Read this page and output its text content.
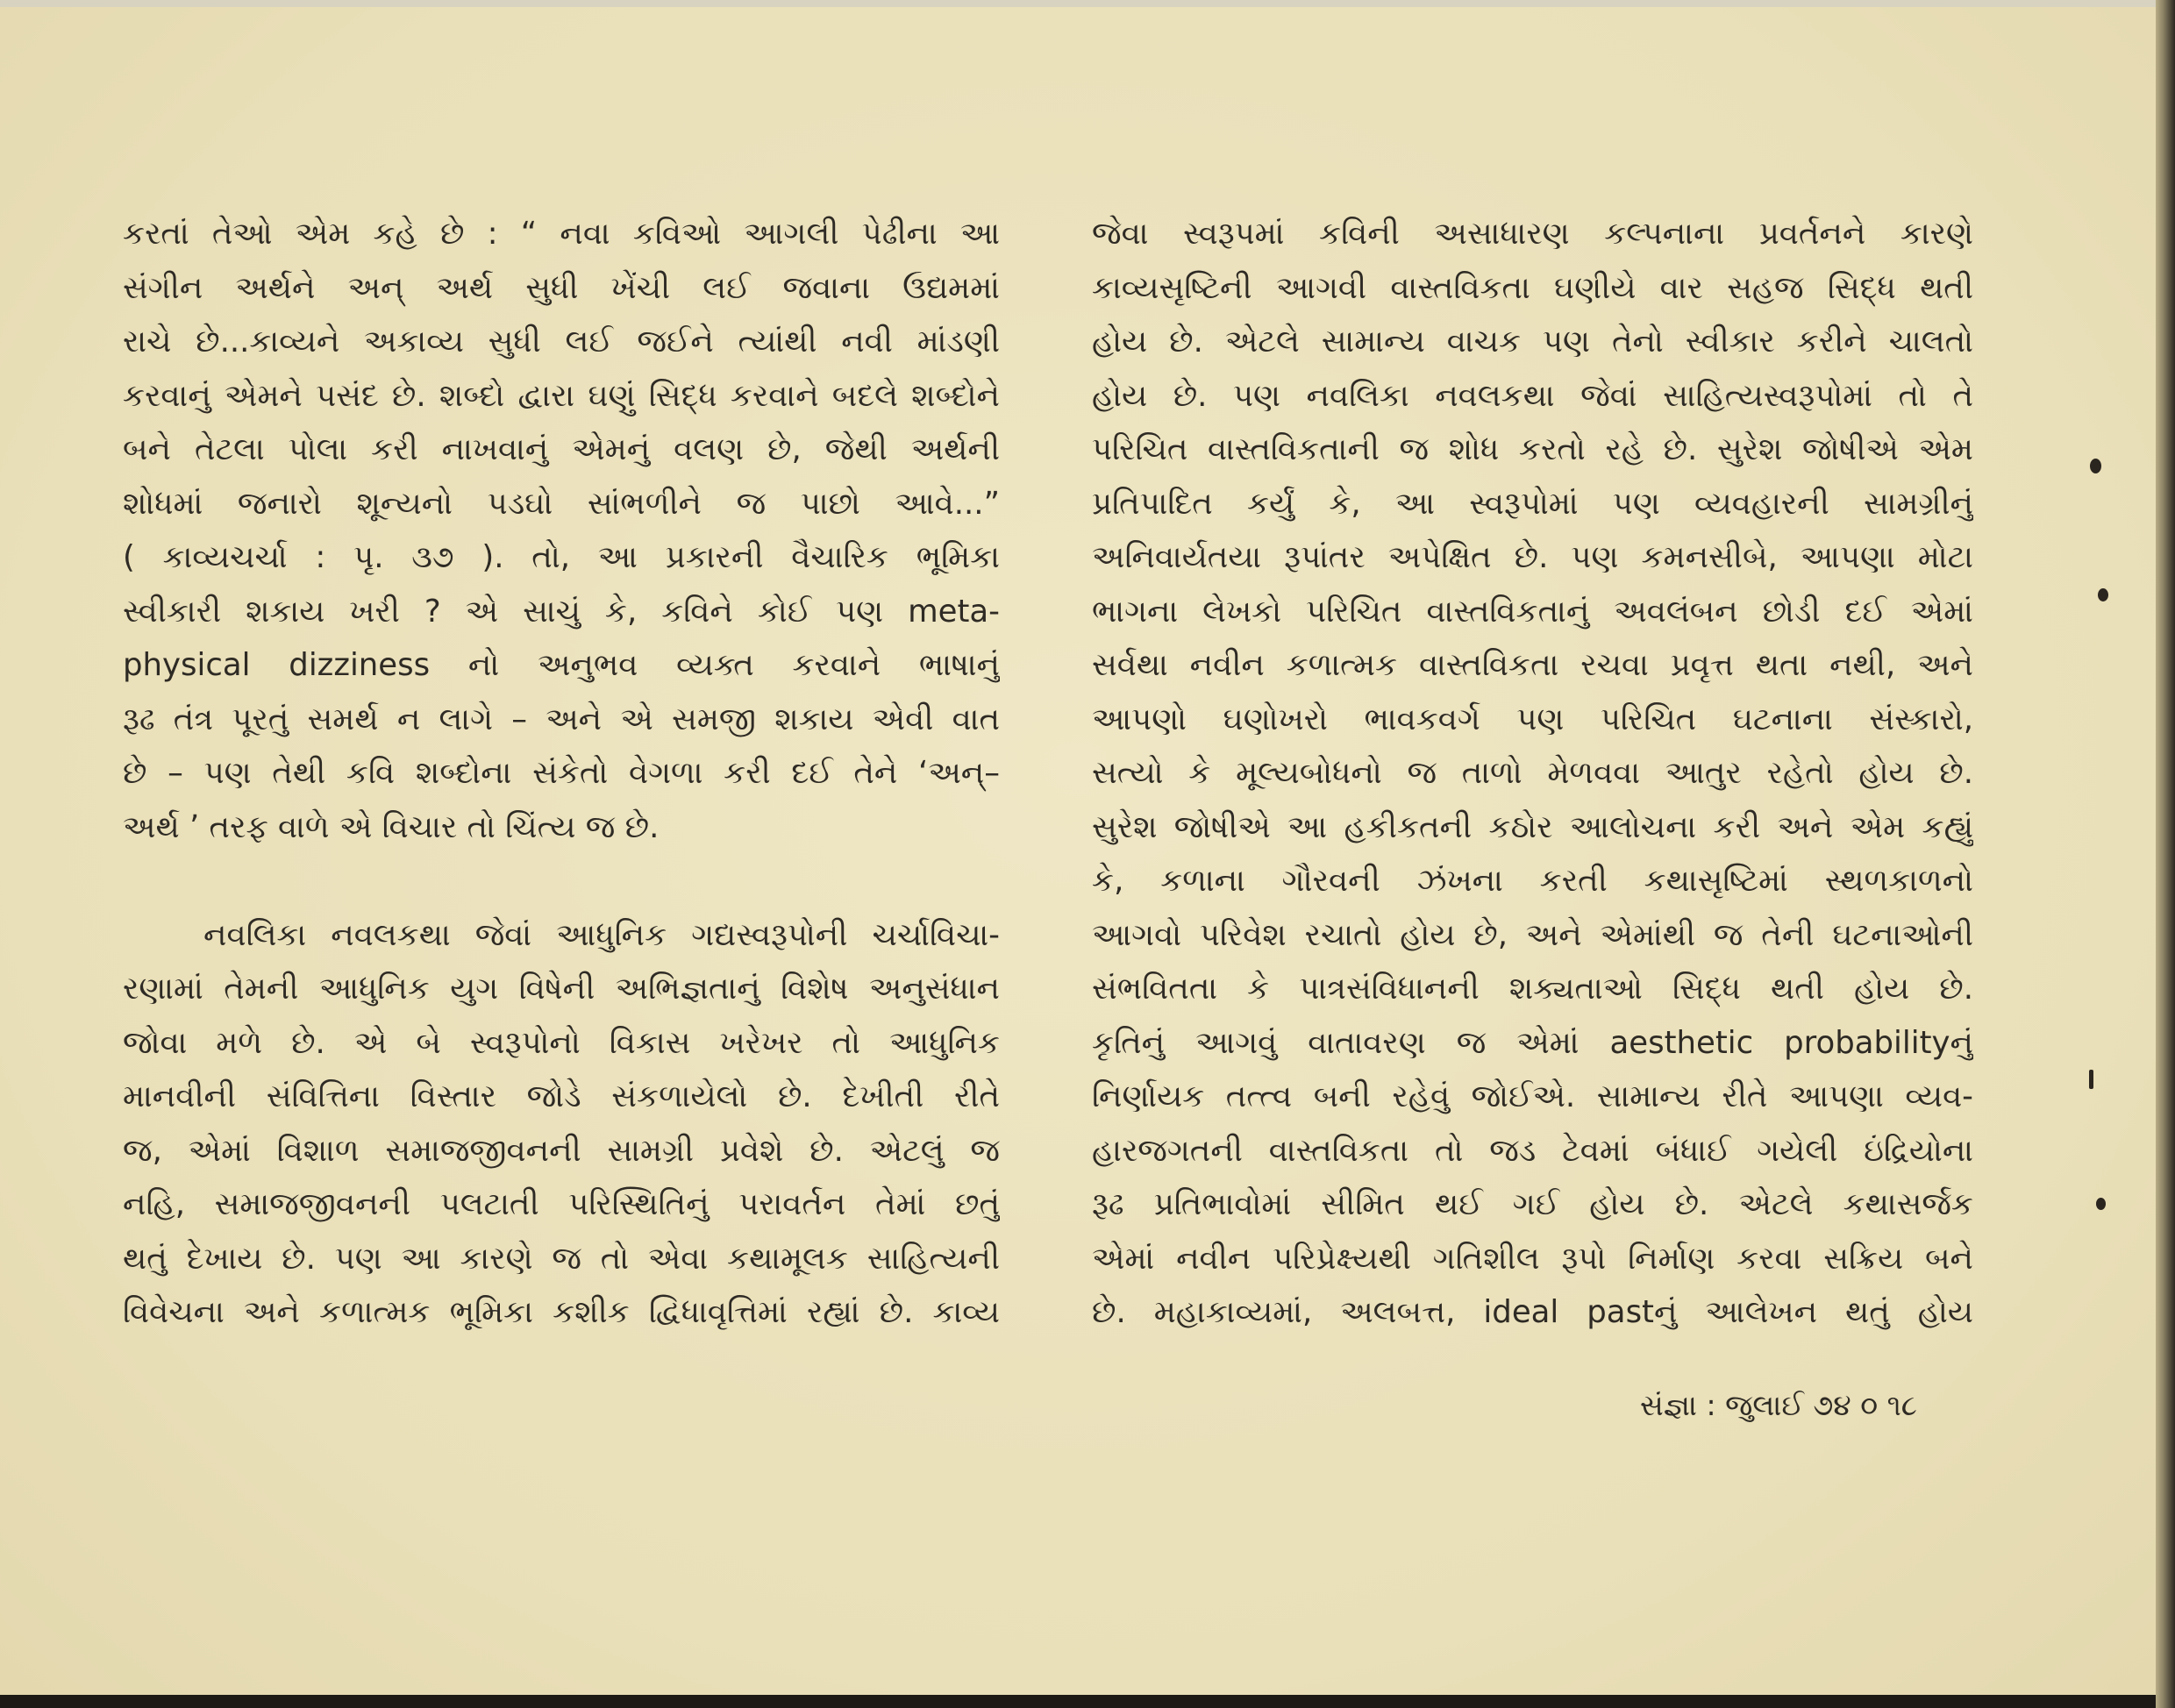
કરતાં તેઓ એમ કહે છે : “ નવા કવિઓ આગલી પેઢીના આ
સંગીન અર્થને અન્ અર્થ સુધી ખેંચી લઈ જવાના ઉદ્યમમાં
રાચે છે...કાવ્યને અકાવ્ય સુધી લઈ જઈને ત્યાંથી નવી માંડણી
કરવાનું એમને પસંદ છે. શબ્દો દ્વારા ઘણું સિદ્ધ કરવાને બદલે શબ્દોને
બને તેટલા પોલા કરી નાખવાનું એમનું વલણ છે, જેથી અર્થની
શોધમાં જનારો શૂન્યનો પડઘો સાંભળીને જ પાછો આવે...”
( કાવ્યચર્ચા : પૃ. ૩૭ ). તો, આ પ્રકારની વૈચારિક ભૂમિકા
સ્વીકારી શકાય ખરી ? એ સાચું કે, કવિને કોઈ પણ meta-
physical dizziness નો અનુભવ વ્યક્ત કરવાને ભાષાનું
રૂઢ તંત્ર પૂરતું સમર્થ ન લાગે – અને એ સમજી શકાય એવી વાત
છે – પણ તેથી કવિ શબ્દોના સંકેતો વેગળા કરી દઈ તેને ‘અન્–
અર્થ ’ તરફ વાળે એ વિચાર તો ચિંત્ય જ છે.
નવલિકા નવલકથા જેવાં આધુનિક ગદ્યસ્વરૂપોની ચર્ચાવિચા-
રણામાં તેમની આધુનિક યુગ વિષેની અભિજ્ઞતાનું વિશેષ અનુસંધાન
જોવા મળે છે. એ બે સ્વરૂપોનો વિકાસ ખરેખર તો આધુનિક
માનવીની સંવિત્તિના વિસ્તાર જોડે સંકળાયેલો છે. દેખીતી રીતે
જ, એમાં વિશાળ સમાજજીવનની સામગ્રી પ્રવેશે છે. એટલું જ
નહિ, સમાજજીવનની પલટાતી પરિસ્થિતિનું પરાવર્તન તેમાં છતું
થતું દેખાય છે. પણ આ કારણે જ તો એવા કથામૂલક સાહિત્યની
વિવેચના અને કળાત્મક ભૂમિકા કશીક દ્વિધાવૃત્તિમાં રહ્યાં છે. કાવ્ય
જેવા સ્વરૂપમાં કવિની અસાધારણ કલ્પનાના પ્રવર્તનને કારણે
કાવ્યસૃષ્ટિની આગવી વાસ્તવિકતા ઘણીયે વાર સહજ સિદ્ધ થતી
હોય છે. એટલે સામાન્ય વાચક પણ તેનો સ્વીકાર કરીને ચાલતો
હોય છે. પણ નવલિકા નવલકથા જેવાં સાહિત્યસ્વરૂપોમાં તો તે
પરિચિત વાસ્તવિકતાની જ શોધ કરતો રહે છે. સુરેશ જોષીએ એમ
પ્રતિપાદિત કર્યું કે, આ સ્વરૂપોમાં પણ વ્યવહારની સામગ્રીનું
અનિવાર્યતયા રૂપાંતર અપેક્ષિત છે. પણ કમનસીબે, આપણા મોટા
ભાગના લેખકો પરિચિત વાસ્તવિકતાનું અવલંબન છોડી દઈ એમાં
સર્વથા નવીન કળાત્મક વાસ્તવિકતા રચવા પ્રવૃત્ત થતા નથી, અને
આપણો ઘણોખરો ભાવકવર્ગ પણ પરિચિત ઘટનાના સંસ્કારો,
સત્યો કે મૂલ્યબોધનો જ તાળો મેળવવા આતુર રહેતો હોય છે.
સુરેશ જોષીએ આ હકીકતની કઠોર આલોચના કરી અને એમ કહ્યું
કે, કળાના ગૌરવની ઝંખના કરતી કથાસૃષ્ટિમાં સ્થળકાળનો
આગવો પરિવેશ રચાતો હોય છે, અને એમાંથી જ તેની ઘટનાઓની
સંભવિતતા કે પાત્રસંવિધાનની શક્યતાઓ સિદ્ધ થતી હોય છે.
કૃતિનું આગવું વાતાવરણ જ એમાં aesthetic probabilityનું
નિર્ણાયક તત્ત્વ બની રહેવું જોઈએ. સામાન્ય રીતે આપણા વ્યવ-
હારજગતની વાસ્તવિકતા તો જડ ટેવમાં બંધાઈ ગયેલી ઇંદ્રિયોના
રૂઢ પ્રતિભાવોમાં સીમિત થઈ ગઈ હોય છે. એટલે કથાસર્જક
એમાં નવીન પરિપ્રેક્ષ્યથી ગતિશીલ રૂપો નિર્માણ કરવા સક્રિય બને
છે. મહાકાવ્યમાં, અલબત્ત, ideal pastનું આલેખન થતું હોય
સંજ્ઞા : જુલાઈ ૭૪ ૦ ૧૮
